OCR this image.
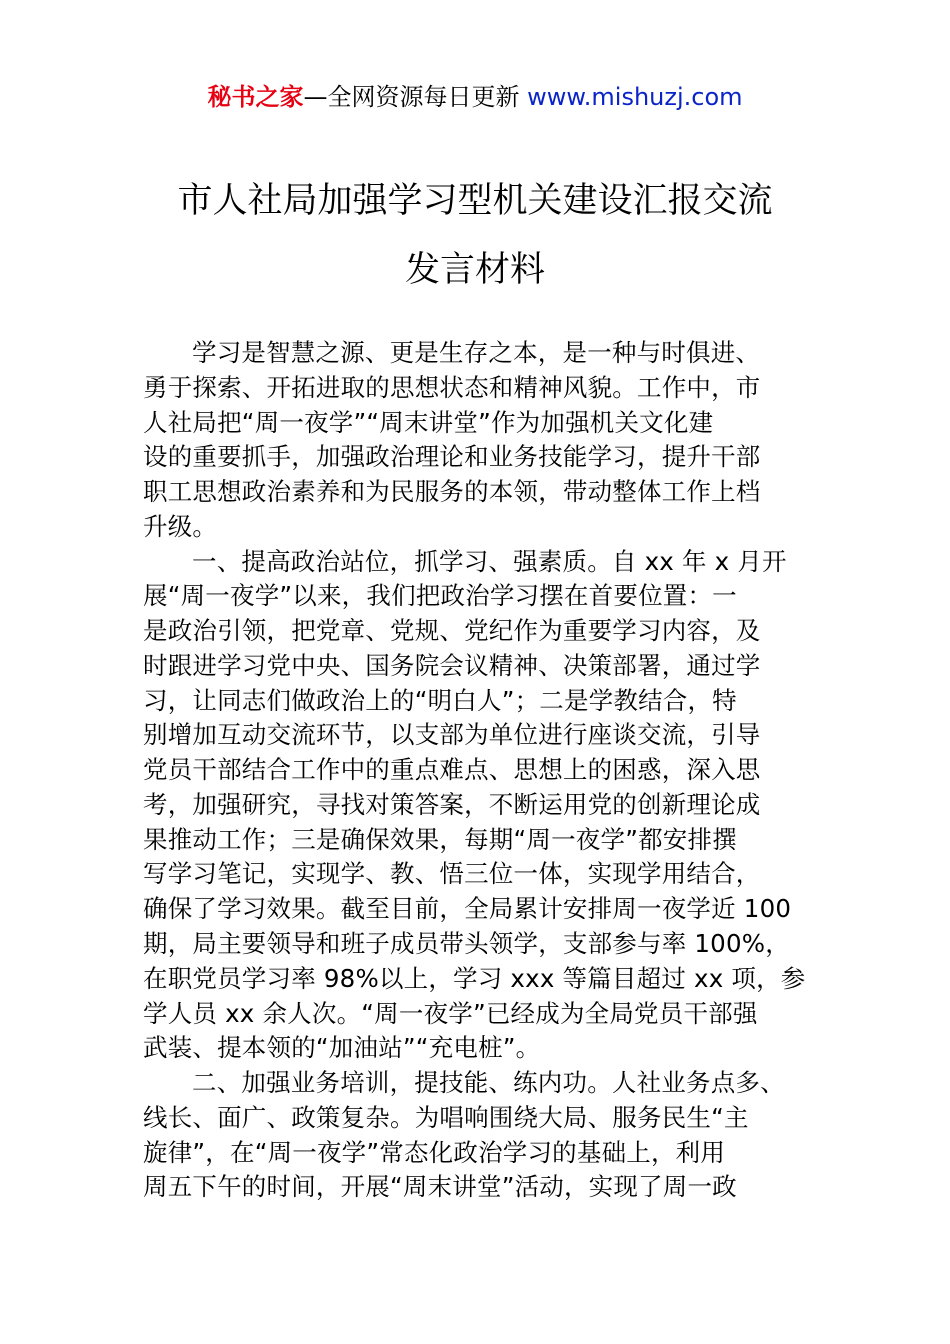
秘书之家—全网资源每日更新 www.mishuzj.com
市人社局加强学习型机关建设汇报交流
发言材料
学习是智慧之源、更是生存之本，是一种与时俱进、
勇于探索、开拓进取的思想状态和精神风貌。工作中，市
人社局把“周一夜学”“周末讲堂”作为加强机关文化建
设的重要抓手，加强政治理论和业务技能学习，提升干部
职工思想政治素养和为民服务的本领，带动整体工作上档
升级。
一、提高政治站位，抓学习、强素质。自 xx 年 x 月开
展“周一夜学”以来，我们把政治学习摆在首要位置：一
是政治引领，把党章、党规、党纪作为重要学习内容，及
时跟进学习党中央、国务院会议精神、决策部署，通过学
习，让同志们做政治上的“明白人”；二是学教结合，特
别增加互动交流环节，以支部为单位进行座谈交流，引导
党员干部结合工作中的重点难点、思想上的困惑，深入思
考，加强研究，寻找对策答案，不断运用党的创新理论成
果推动工作；三是确保效果，每期“周一夜学”都安排撰
写学习笔记，实现学、教、悟三位一体，实现学用结合，
确保了学习效果。截至目前，全局累计安排周一夜学近 100
期，局主要领导和班子成员带头领学，支部参与率 100%，
在职党员学习率 98%以上，学习 xxx 等篇目超过 xx 项，参
学人员 xx 余人次。“周一夜学”已经成为全局党员干部强
武装、提本领的“加油站”“充电桩”。
二、加强业务培训，提技能、练内功。人社业务点多、
线长、面广、政策复杂。为唱响围绕大局、服务民生“主
旋律”，在“周一夜学”常态化政治学习的基础上，利用
周五下午的时间，开展“周末讲堂”活动，实现了周一政
